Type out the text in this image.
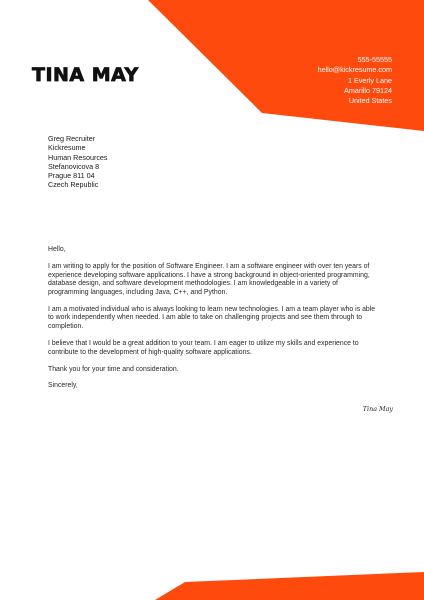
TINA MAY
555-55555
hello@kickresume.com
1 Everly Lane
Amarillo 79124
United States
Greg Recruiter
Kickresume
Human Resources
Stefanovicova 8
Prague 811 04
Czech Republic

Hello,

I am writing to apply for the position of Software Engineer. I am a software engineer with over ten years of experience developing software applications. I have a strong background in object-oriented programming, database design, and software development methodologies. I am knowledgeable in a variety of programming languages, including Java, C++, and Python.

I am a motivated individual who is always looking to learn new technologies. I am a team player who is able to work independently when needed. I am able to take on challenging projects and see them through to completion.

I believe that I would be a great addition to your team. I am eager to utilize my skills and experience to contribute to the development of high-quality software applications.

Thank you for your time and consideration.

Sincerely,

Tina May
